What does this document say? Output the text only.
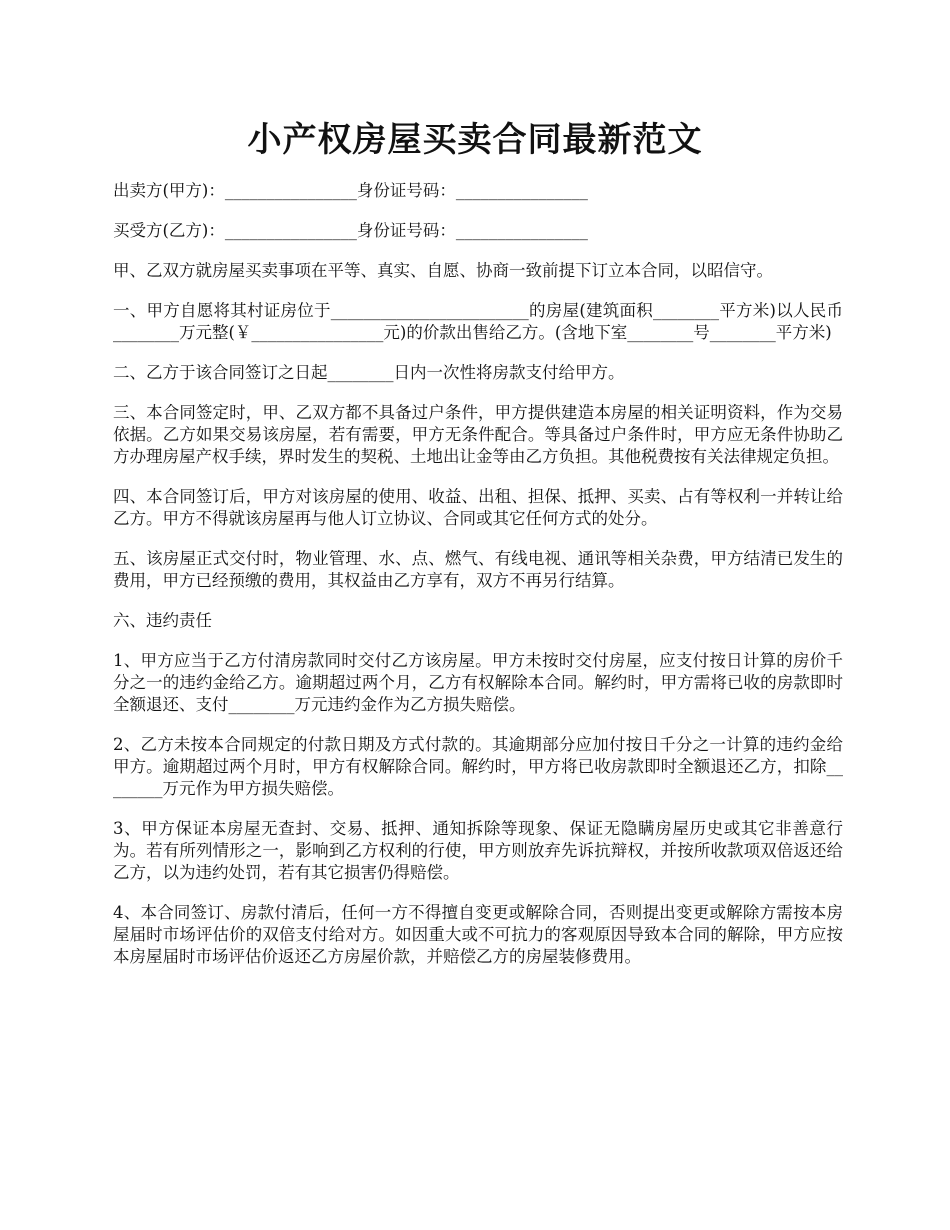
小产权房屋买卖合同最新范文

出卖方(甲方)：________________身份证号码：________________

买受方(乙方)：________________身份证号码：________________

甲、乙双方就房屋买卖事项在平等、真实、自愿、协商一致前提下订立本合同，以昭信守。

一、甲方自愿将其村证房位于________________________的房屋(建筑面积________平方米)以人民币________万元整(￥________________元)的价款出售给乙方。(含地下室________号________平方米)

二、乙方于该合同签订之日起________日内一次性将房款支付给甲方。

三、本合同签定时，甲、乙双方都不具备过户条件，甲方提供建造本房屋的相关证明资料，作为交易依据。乙方如果交易该房屋，若有需要，甲方无条件配合。等具备过户条件时，甲方应无条件协助乙方办理房屋产权手续，界时发生的契税、土地出让金等由乙方负担。其他税费按有关法律规定负担。

四、本合同签订后，甲方对该房屋的使用、收益、出租、担保、抵押、买卖、占有等权利一并转让给乙方。甲方不得就该房屋再与他人订立协议、合同或其它任何方式的处分。

五、该房屋正式交付时，物业管理、水、点、燃气、有线电视、通讯等相关杂费，甲方结清已发生的费用，甲方已经预缴的费用，其权益由乙方享有，双方不再另行结算。

六、违约责任

1、甲方应当于乙方付清房款同时交付乙方该房屋。甲方未按时交付房屋，应支付按日计算的房价千分之一的违约金给乙方。逾期超过两个月，乙方有权解除本合同。解约时，甲方需将已收的房款即时全额退还、支付________万元违约金作为乙方损失赔偿。

2、乙方未按本合同规定的付款日期及方式付款的。其逾期部分应加付按日千分之一计算的违约金给甲方。逾期超过两个月时，甲方有权解除合同。解约时，甲方将已收房款即时全额退还乙方，扣除________万元作为甲方损失赔偿。

3、甲方保证本房屋无查封、交易、抵押、通知拆除等现象、保证无隐瞒房屋历史或其它非善意行为。若有所列情形之一，影响到乙方权利的行使，甲方则放弃先诉抗辩权，并按所收款项双倍返还给乙方，以为违约处罚，若有其它损害仍得赔偿。

4、本合同签订、房款付清后，任何一方不得擅自变更或解除合同，否则提出变更或解除方需按本房屋届时市场评估价的双倍支付给对方。如因重大或不可抗力的客观原因导致本合同的解除，甲方应按本房屋届时市场评估价返还乙方房屋价款，并赔偿乙方的房屋装修费用。
